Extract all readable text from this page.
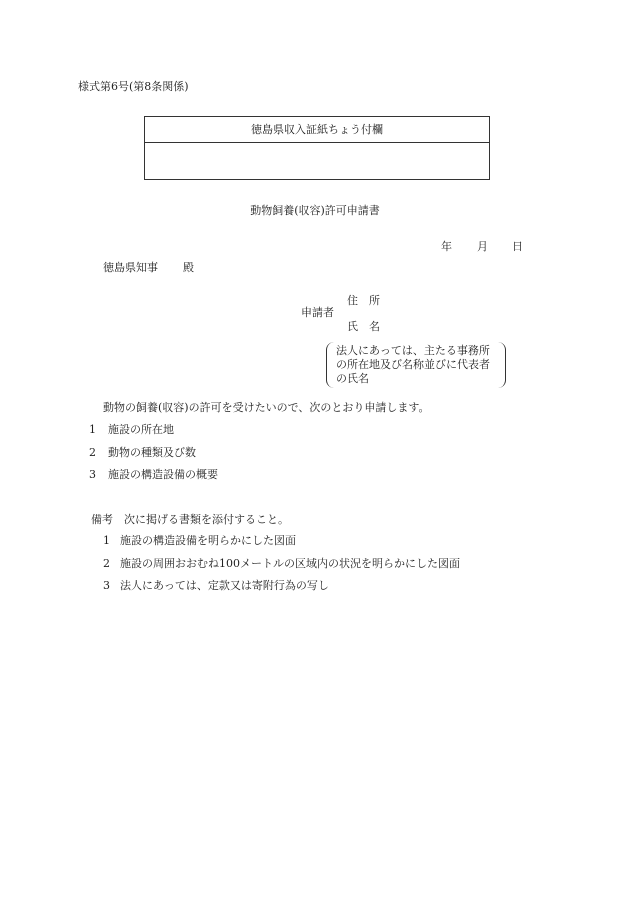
様式第6号(第8条関係)
徳島県収入証紙ちょう付欄
動物飼養(収容)許可申請書
年 月 日
徳島県知事 殿
申請者
住　所
氏　名
法人にあっては、主たる事務所
の所在地及び名称並びに代表者
の氏名
動物の飼養(収容)の許可を受けたいので、次のとおり申請します。
1 施設の所在地
2 動物の種類及び数
3 施設の構造設備の概要
備考　次に掲げる書類を添付すること。
1 施設の構造設備を明らかにした図面
2 施設の周囲おおむね100メートルの区域内の状況を明らかにした図面
3 法人にあっては、定款又は寄附行為の写し
